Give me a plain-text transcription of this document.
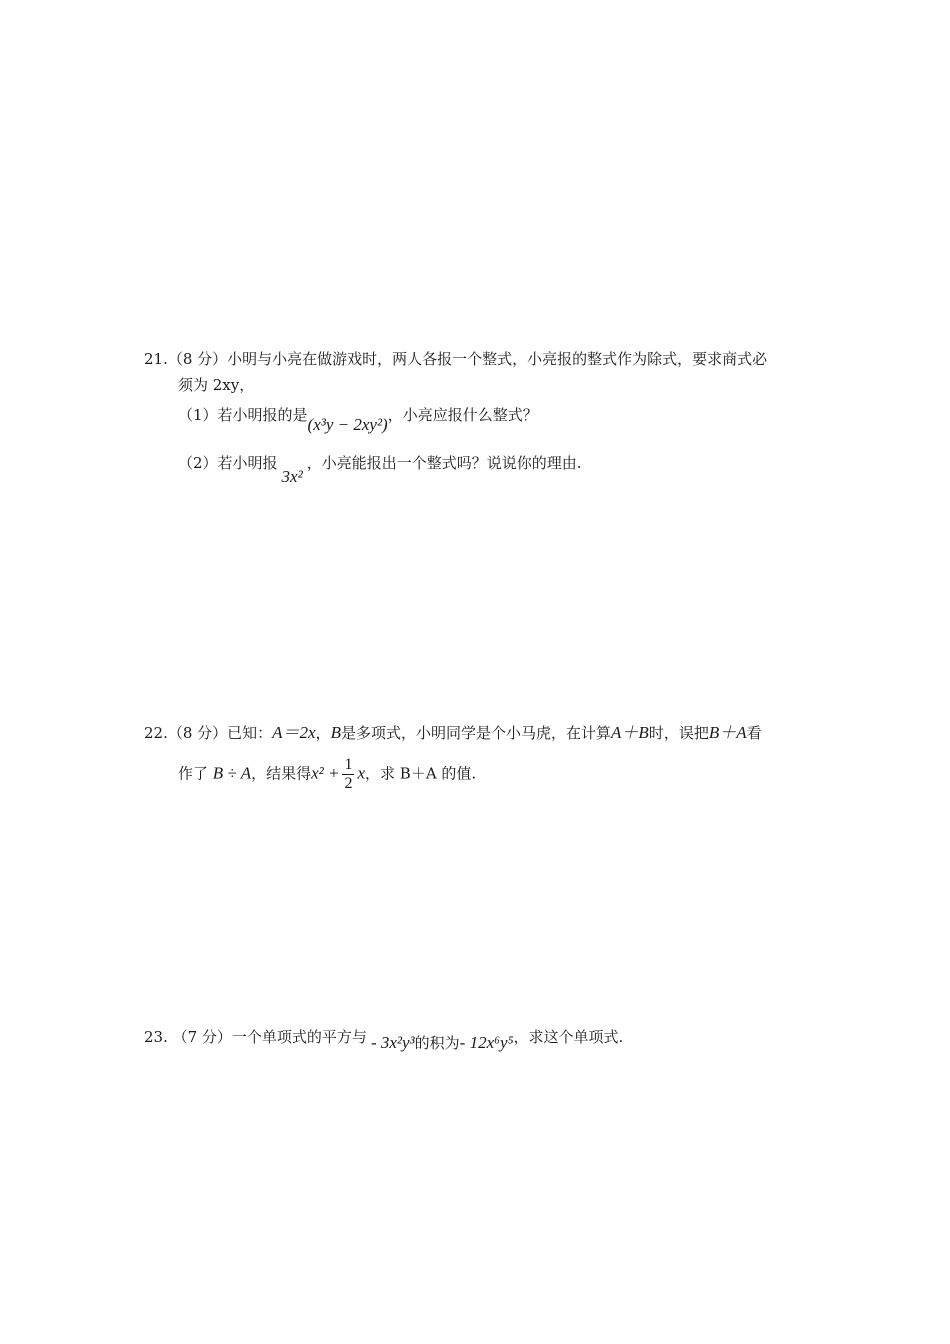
21.（8 分）小明与小亮在做游戏时，两人各报一个整式，小亮报的整式作为除式，要求商式必
须为 2xy，
（1）若小明报的是(x³y − 2xy²)，小亮应报什么整式？
（2）若小明报3x²，小亮能报出一个整式吗？说说你的理由.
22.（8 分）已知：A＝2x，B是多项式，小明同学是个小马虎，在计算A＋B时，误把B＋A看
作了 B ÷ A，结果得$x^2 + \frac{1}{2}$ x，求 B＋A 的值.
23. （7 分）一个单项式的平方与 - 3x²y³的积为- 12x⁶y⁵，求这个单项式.
